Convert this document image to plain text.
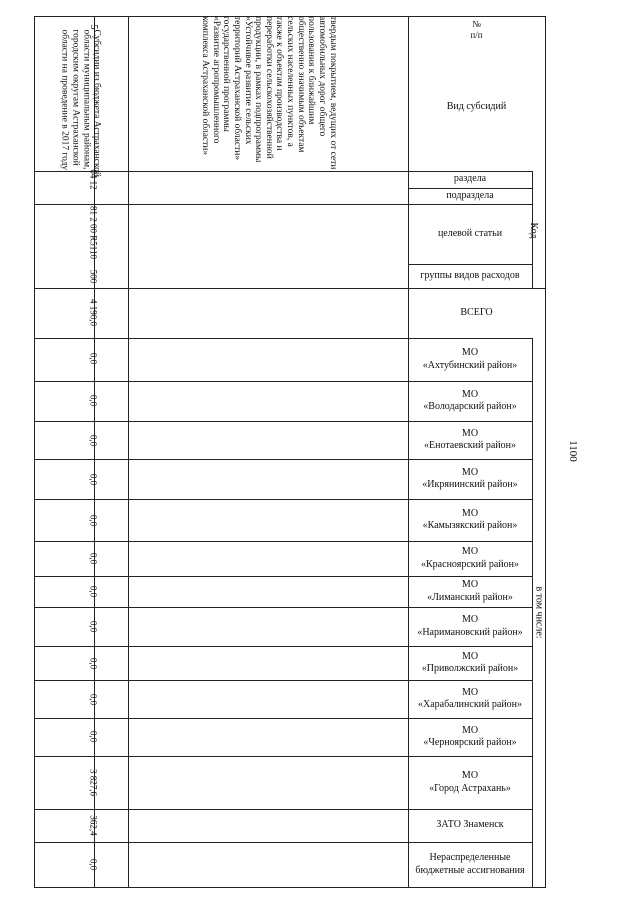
1100
№
п/п
Вид субсидий
раздела
подраздела
целевой статьи
группы видов расходов
Код
ВСЕГО
в том числе:
МО
«Ахтубинский район»
МО
«Володарский район»
МО
«Енотаевский район»
МО
«Икрянинский район»
МО
«Камызякский район»
МО
«Красноярский район»
МО
«Лиманский район»
МО
«Наримановский район»
МО
«Приволжский район»
МО
«Харабалинский район»
МО
«Черноярский район»
МО
«Город Астрахань»
ЗАТО Знаменск
Нераспределенные бюджетные ассигнования
твердым покрытием, ведущих от сети автомобильных дорог общего пользования к ближайшим общественно значимым объектам сельских населенных пунктов, а также к объектам производства и переработки сельскохозяйственной продукции, в рамках подпрограммы «Устойчивое развитие сельских территорий Астраханской области» государственной программы «Развитие агропромышленного комплекса Астраханской области»
5
Субсидии из бюджета Астраханской области муниципальным районам, городским округам Астраханской области на проведение в 2017 году
04 12
81 2 00 R5110
500
4 190,0
0,0
0,0
0,0
0,0
0,0
0,0
0,0
0,0
0,0
0,0
0,0
3 827,6
362,4
0,0
